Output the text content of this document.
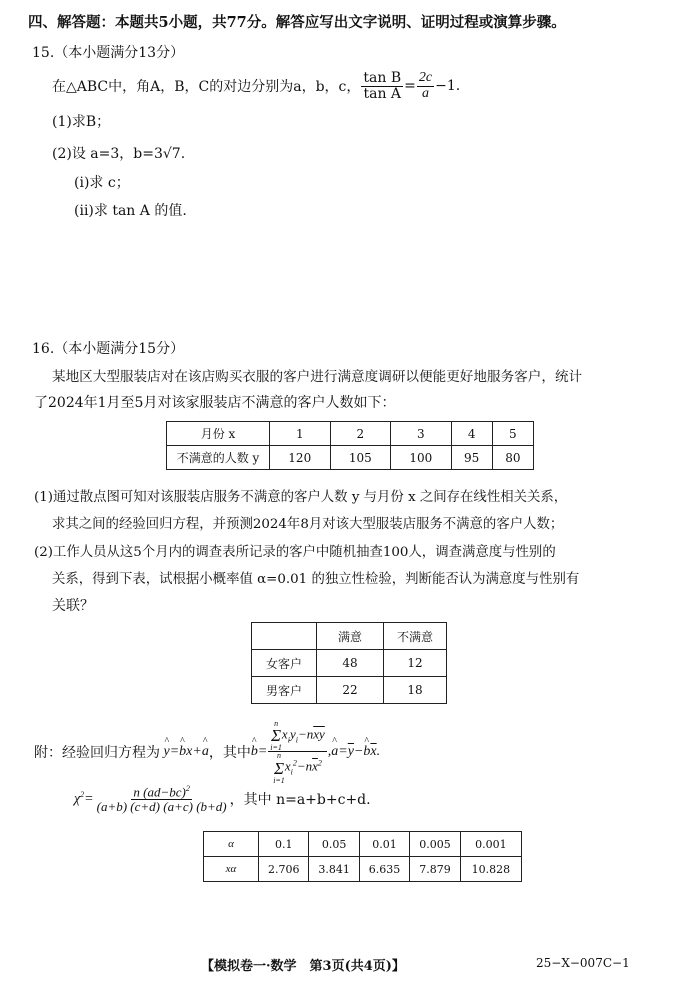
四、解答题：本题共5小题，共77分。解答应写出文字说明、证明过程或演算步骤。
15.（本小题满分13分）
在△ABC中，角A，B，C的对边分别为a，b，c， $\frac{\text{tan B}}{\text{tan A}} = \frac{2c}{a} -1$.
(1)求B；
(2)设 a=3，b=3√7.
(ⅰ)求 c；
(ⅱ)求 tan A 的值.
16.（本小题满分15分）
某地区大型服装店对在该店购买衣服的客户进行满意度调研以便能更好地服务客户，统计
了2024年1月至5月对该家服装店不满意的客户人数如下：
月份 x	1	2	3	4	5
不满意的人数 y	120	105	100	95	80
(1)通过散点图可知对该服装店服务不满意的客户人数 y 与月份 x 之间存在线性相关关系，
求其之间的经验回归方程，并预测2024年8月对该大型服装店服务不满意的客户人数；
(2)工作人员从这5个月内的调查表所记录的客户中随机抽查100人，调查满意度与性别的
关系，得到下表，试根据小概率值 α=0.01 的独立性检验，判断能否认为满意度与性别有
关联？
	满意	不满意
女客户	48	12
男客户	22	18
附：经验回归方程为 y ^=b ^x+a ^ ，其中 b ^= n
Σ
i=1
$x_iy_i-n\overline{x}\overline{y}$
n
Σ
i=1
$x_i^2-n\overline{x}^2$ ,a $\^{}=\overline{y}-b$ $\^{}\overline{x}$.
$\chi^2= \frac{n (ad-bc)^2}{(a+b) (c+d) (a+c) (b+d)}$ ，其中 n=a+b+c+d.
α	0.1	0.05	0.01	0.005	0.001
xα	2.706	3.841	6.635	7.879	10.828
【模拟卷一·数学　第3页(共4页)】	25−X−007C−1
